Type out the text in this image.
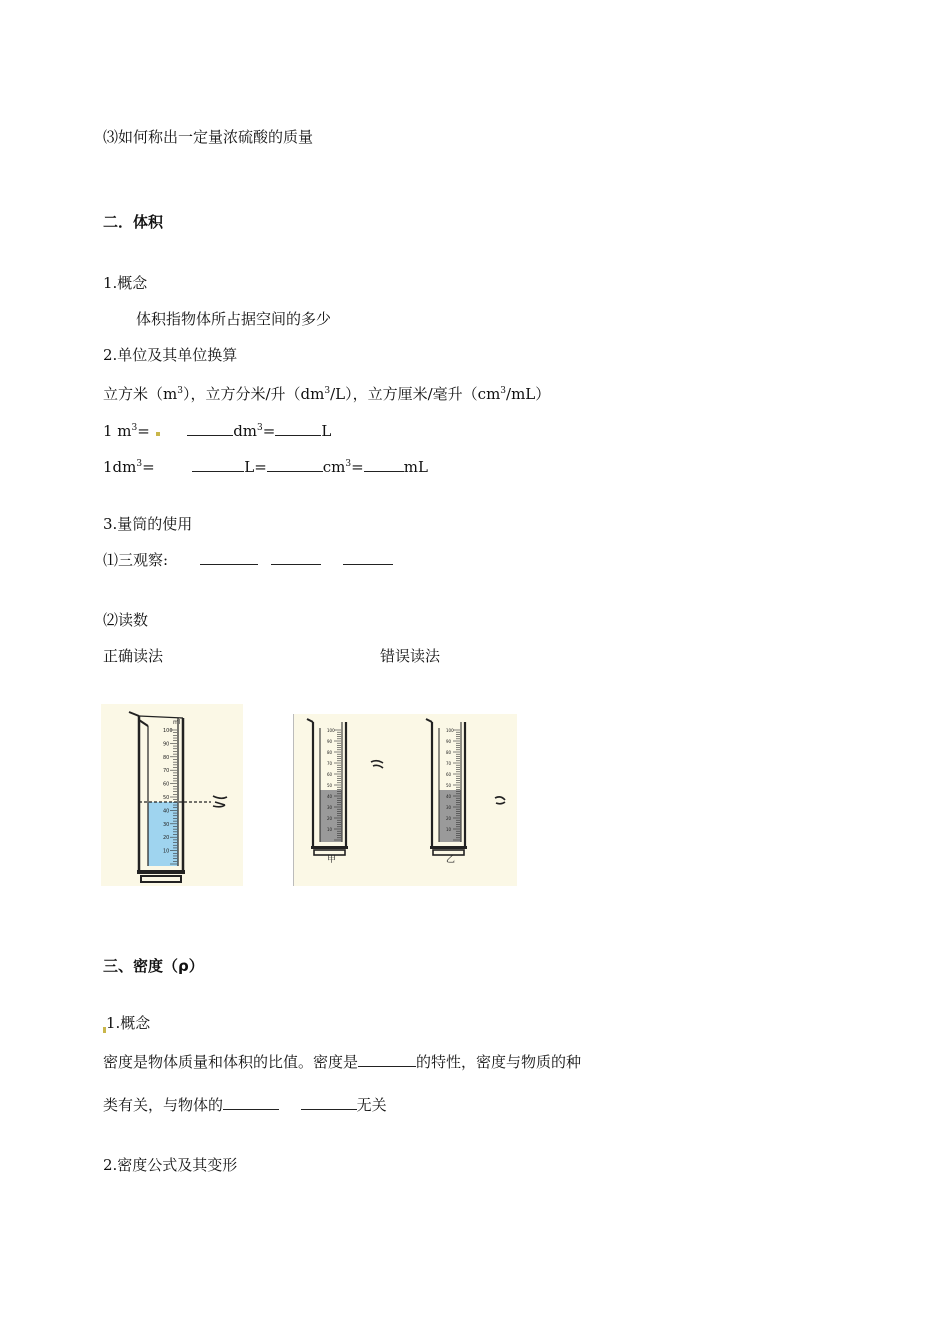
⑶如何称出一定量浓硫酸的质量
二．体积
1.概念
体积指物体所占据空间的多少
2.单位及其单位换算
立方米$(m^3)$，立方分米/升$(dm^3/L)$，立方厘米/毫升$(cm^3/mL)$
1 $m^3=$	$dm^3=$	L
$1dm^3=$	L=	$cm^3=$	mL
3.量筒的使用
⑴三观察:
⑵读数
正确读法	错误读法
100
90
80
70
60
50
40
30
20
10
ml
100
90
80
70
60
50
40
30
20
10
100
90
80
70
60
50
40
30
20
10
甲	乙
三、密度（ρ）
1.概念
密度是物体质量和体积的比值。密度是	的特性，密度与物质的种
类有关，与物体的	无关
2.密度公式及其变形
